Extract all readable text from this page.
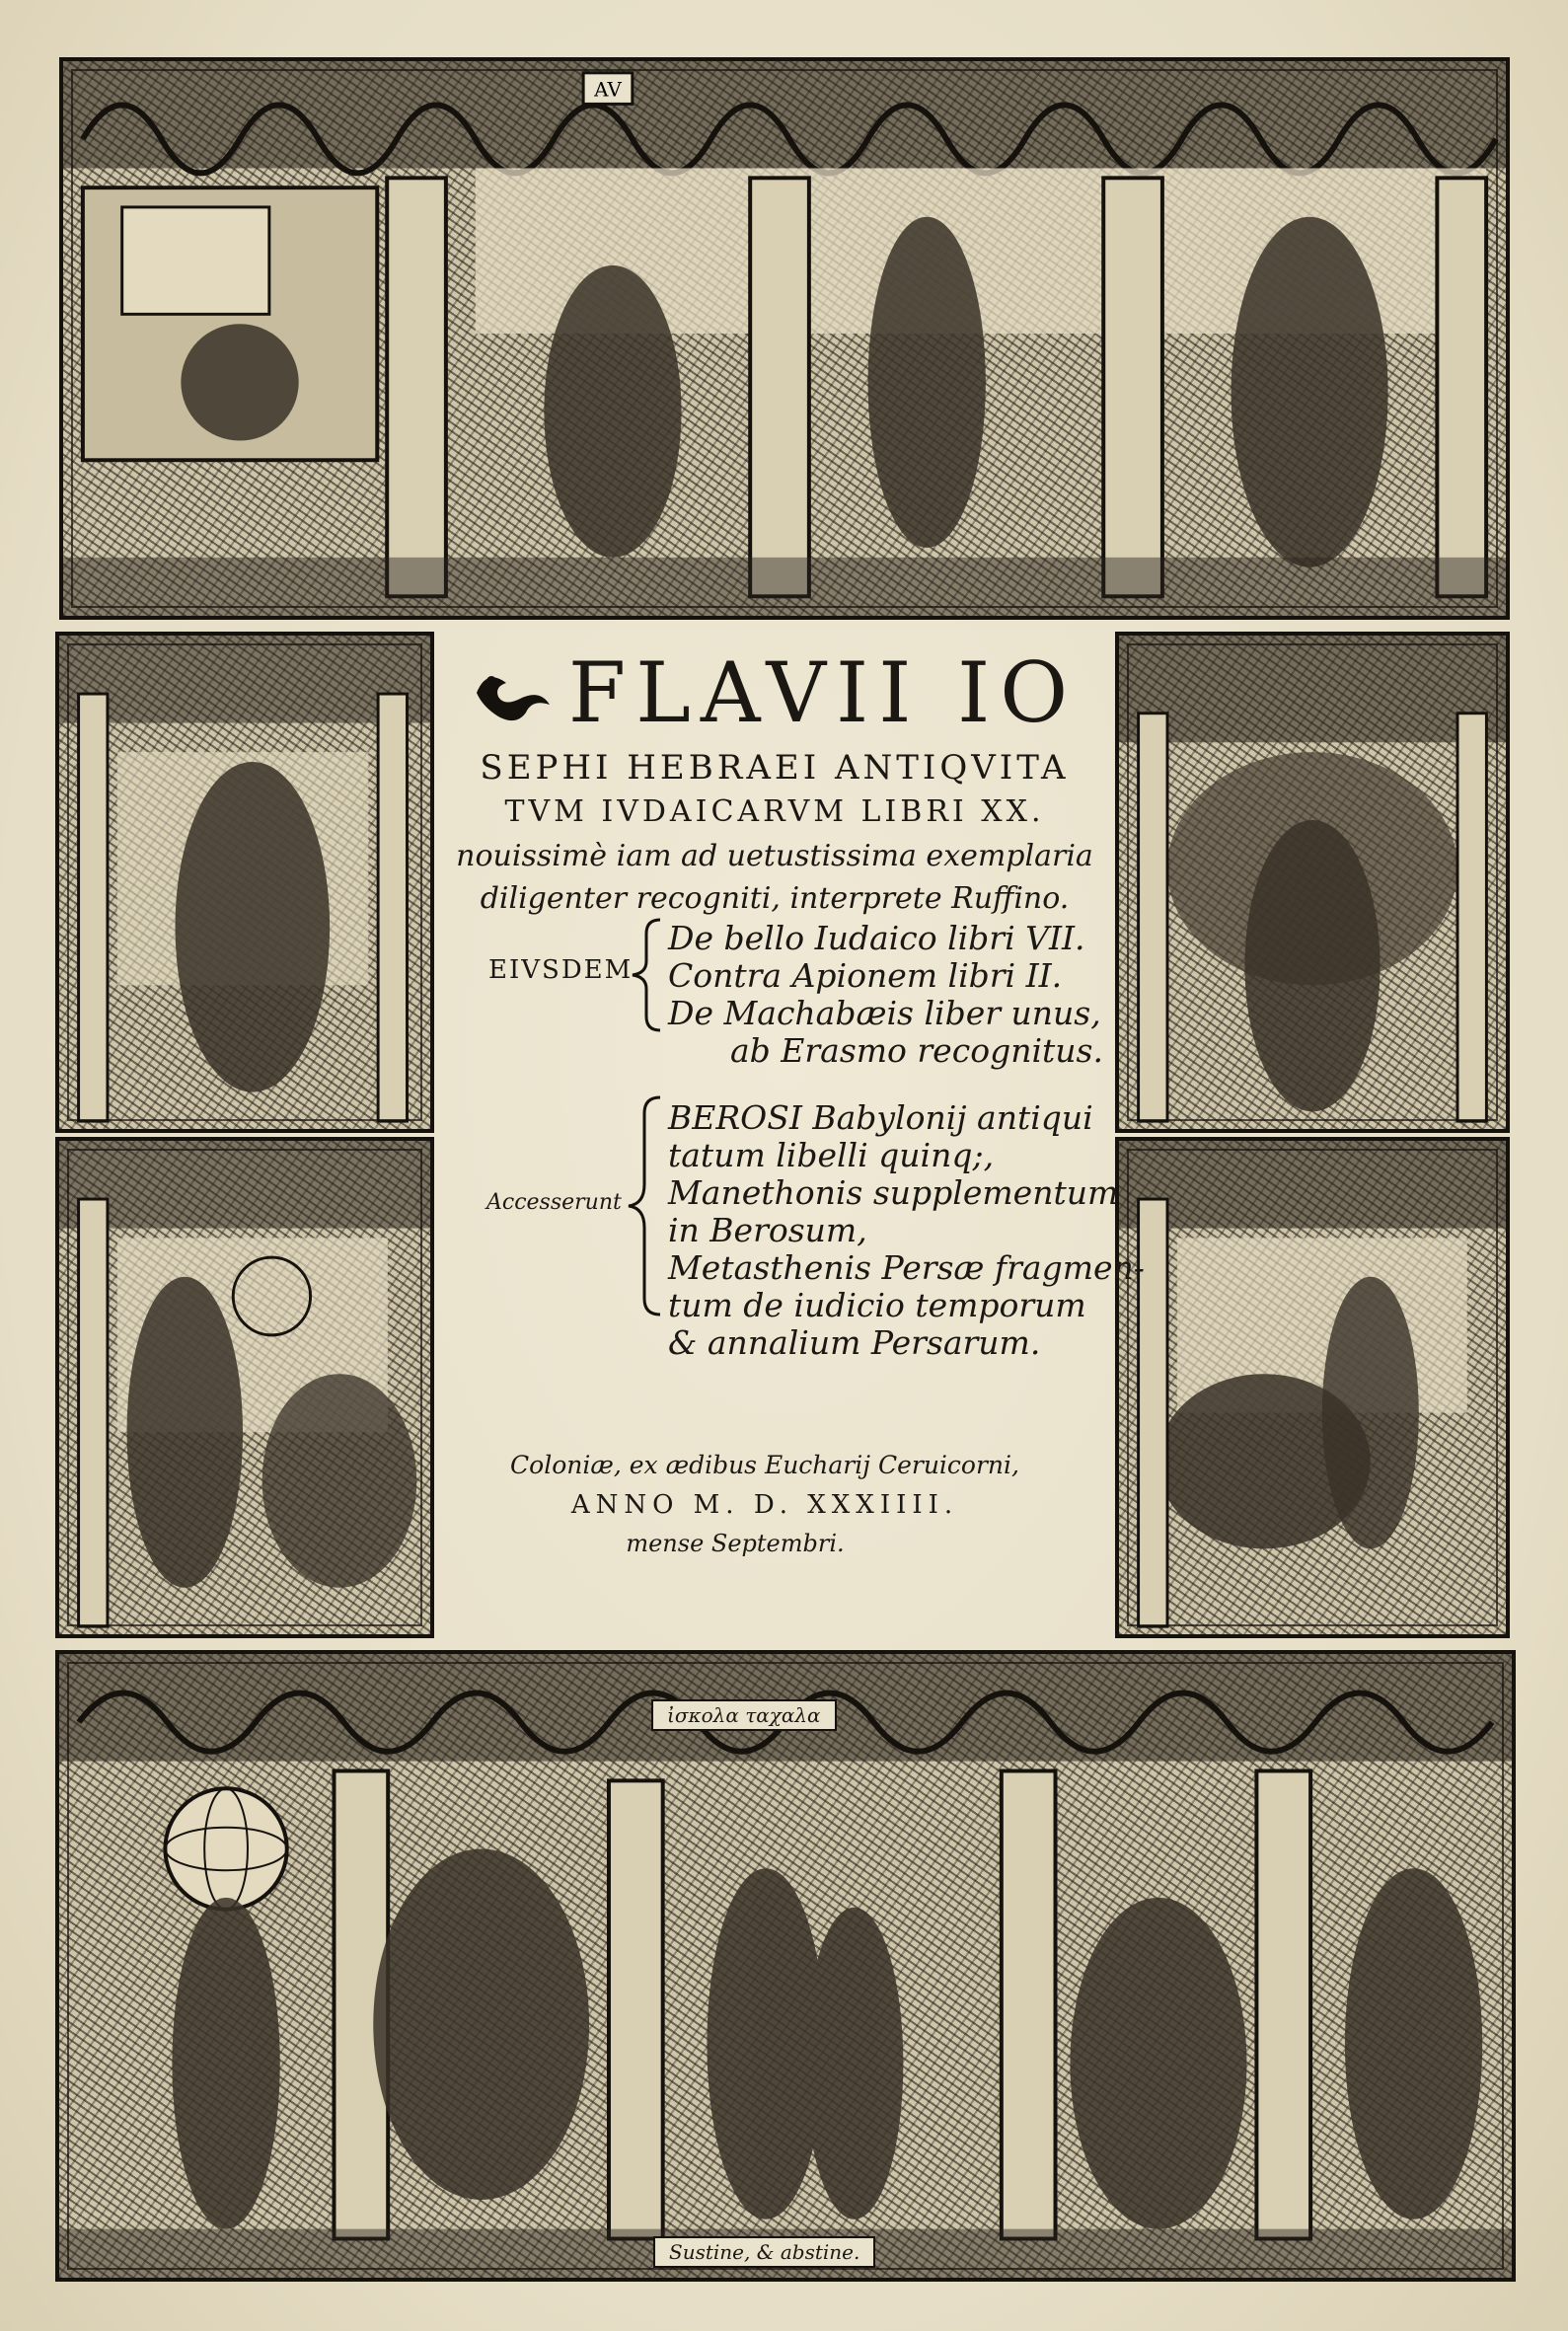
AV
ἰσκολα ταχαλα
Sustine, & abstine.
FLAVII IO
SEPHI HEBRAEI ANTIQVITA
TVM IVDAICARVM LIBRI XX.
nouissimè iam ad uetustissima exemplaria
diligenter recogniti, interprete Ruffino.
EIVSDEM
De bello Iudaico libri VII.
Contra Apionem libri II.
De Machabæis liber unus,
ab Erasmo recognitus.
Accesserunt
BEROSI Babylonij antiqui
tatum libelli quinq;,
Manethonis supplementum
in Berosum,
Metasthenis Persæ fragmen-
tum de iudicio temporum
& annalium Persarum.
Coloniæ, ex ædibus Eucharij Ceruicorni,
ANNO M. D. XXXIIII.
mense Septembri.
